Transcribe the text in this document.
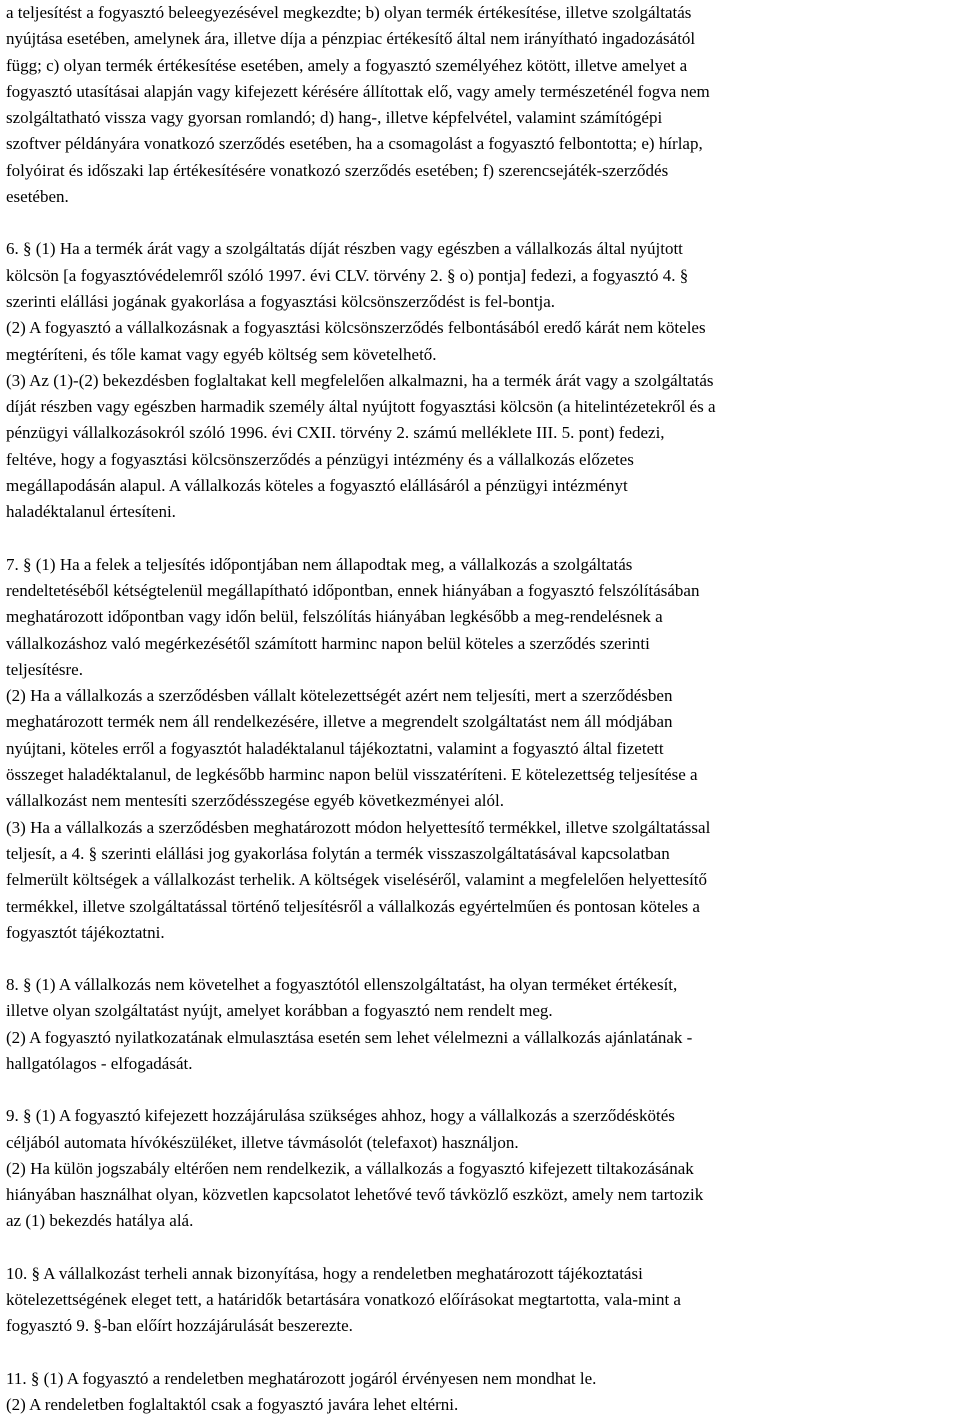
a teljesítést a fogyasztó beleegyezésével megkezdte; b) olyan termék értékesítése, illetve szolgáltatás
nyújtása esetében, amelynek ára, illetve díja a pénzpiac értékesítő által nem irányítható ingadozásától
függ; c) olyan termék értékesítése esetében, amely a fogyasztó személyéhez kötött, illetve amelyet a
fogyasztó utasításai alapján vagy kifejezett kérésére állítottak elő, vagy amely természeténél fogva nem
szolgáltatható vissza vagy gyorsan romlandó; d) hang-, illetve képfelvétel, valamint számítógépi
szoftver példányára vonatkozó szerződés esetében, ha a csomagolást a fogyasztó felbontotta; e) hírlap,
folyóirat és időszaki lap értékesítésére vonatkozó szerződés esetében; f) szerencsejáték-szerződés
esetében.
6. § (1) Ha a termék árát vagy a szolgáltatás díját részben vagy egészben a vállalkozás által nyújtott
kölcsön [a fogyasztóvédelemről szóló 1997. évi CLV. törvény 2. § o) pontja] fedezi, a fogyasztó 4. §
szerinti elállási jogának gyakorlása a fogyasztási kölcsönszerződést is fel-bontja.
(2) A fogyasztó a vállalkozásnak a fogyasztási kölcsönszerződés felbontásából eredő kárát nem köteles
megtéríteni, és tőle kamat vagy egyéb költség sem követelhető.
(3) Az (1)-(2) bekezdésben foglaltakat kell megfelelően alkalmazni, ha a termék árát vagy a szolgáltatás
díját részben vagy egészben harmadik személy által nyújtott fogyasztási kölcsön (a hitelintézetekről és a
pénzügyi vállalkozásokról szóló 1996. évi CXII. törvény 2. számú melléklete III. 5. pont) fedezi,
feltéve, hogy a fogyasztási kölcsönszerződés a pénzügyi intézmény és a vállalkozás előzetes
megállapodásán alapul. A vállalkozás köteles a fogyasztó elállásáról a pénzügyi intézményt
haladéktalanul értesíteni.
7. § (1) Ha a felek a teljesítés időpontjában nem állapodtak meg, a vállalkozás a szolgáltatás
rendeltetéséből kétségtelenül megállapítható időpontban, ennek hiányában a fogyasztó felszólításában
meghatározott időpontban vagy időn belül, felszólítás hiányában legkésőbb a meg-rendelésnek a
vállalkozáshoz való megérkezésétől számított harminc napon belül köteles a szerződés szerinti
teljesítésre.
(2) Ha a vállalkozás a szerződésben vállalt kötelezettségét azért nem teljesíti, mert a szerződésben
meghatározott termék nem áll rendelkezésére, illetve a megrendelt szolgáltatást nem áll módjában
nyújtani, köteles erről a fogyasztót haladéktalanul tájékoztatni, valamint a fogyasztó által fizetett
összeget haladéktalanul, de legkésőbb harminc napon belül visszatéríteni. E kötelezettség teljesítése a
vállalkozást nem mentesíti szerződésszegése egyéb következményei alól.
(3) Ha a vállalkozás a szerződésben meghatározott módon helyettesítő termékkel, illetve szolgáltatással
teljesít, a 4. § szerinti elállási jog gyakorlása folytán a termék visszaszolgáltatásával kapcsolatban
felmerült költségek a vállalkozást terhelik. A költségek viseléséről, valamint a megfelelően helyettesítő
termékkel, illetve szolgáltatással történő teljesítésről a vállalkozás egyértelműen és pontosan köteles a
fogyasztót tájékoztatni.
8. § (1) A vállalkozás nem követelhet a fogyasztótól ellenszolgáltatást, ha olyan terméket értékesít,
illetve olyan szolgáltatást nyújt, amelyet korábban a fogyasztó nem rendelt meg.
(2) A fogyasztó nyilatkozatának elmulasztása esetén sem lehet vélelmezni a vállalkozás ajánlatának -
hallgatólagos - elfogadását.
9. § (1) A fogyasztó kifejezett hozzájárulása szükséges ahhoz, hogy a vállalkozás a szerződéskötés
céljából automata hívókészüléket, illetve távmásolót (telefaxot) használjon.
(2) Ha külön jogszabály eltérően nem rendelkezik, a vállalkozás a fogyasztó kifejezett tiltakozásának
hiányában használhat olyan, közvetlen kapcsolatot lehetővé tevő távközlő eszközt, amely nem tartozik
az (1) bekezdés hatálya alá.
10. § A vállalkozást terheli annak bizonyítása, hogy a rendeletben meghatározott tájékoztatási
kötelezettségének eleget tett, a határidők betartására vonatkozó előírásokat megtartotta, vala-mint a
fogyasztó 9. §-ban előírt hozzájárulását beszerezte.
11. § (1) A fogyasztó a rendeletben meghatározott jogáról érvényesen nem mondhat le.
(2) A rendeletben foglaltaktól csak a fogyasztó javára lehet eltérni.
